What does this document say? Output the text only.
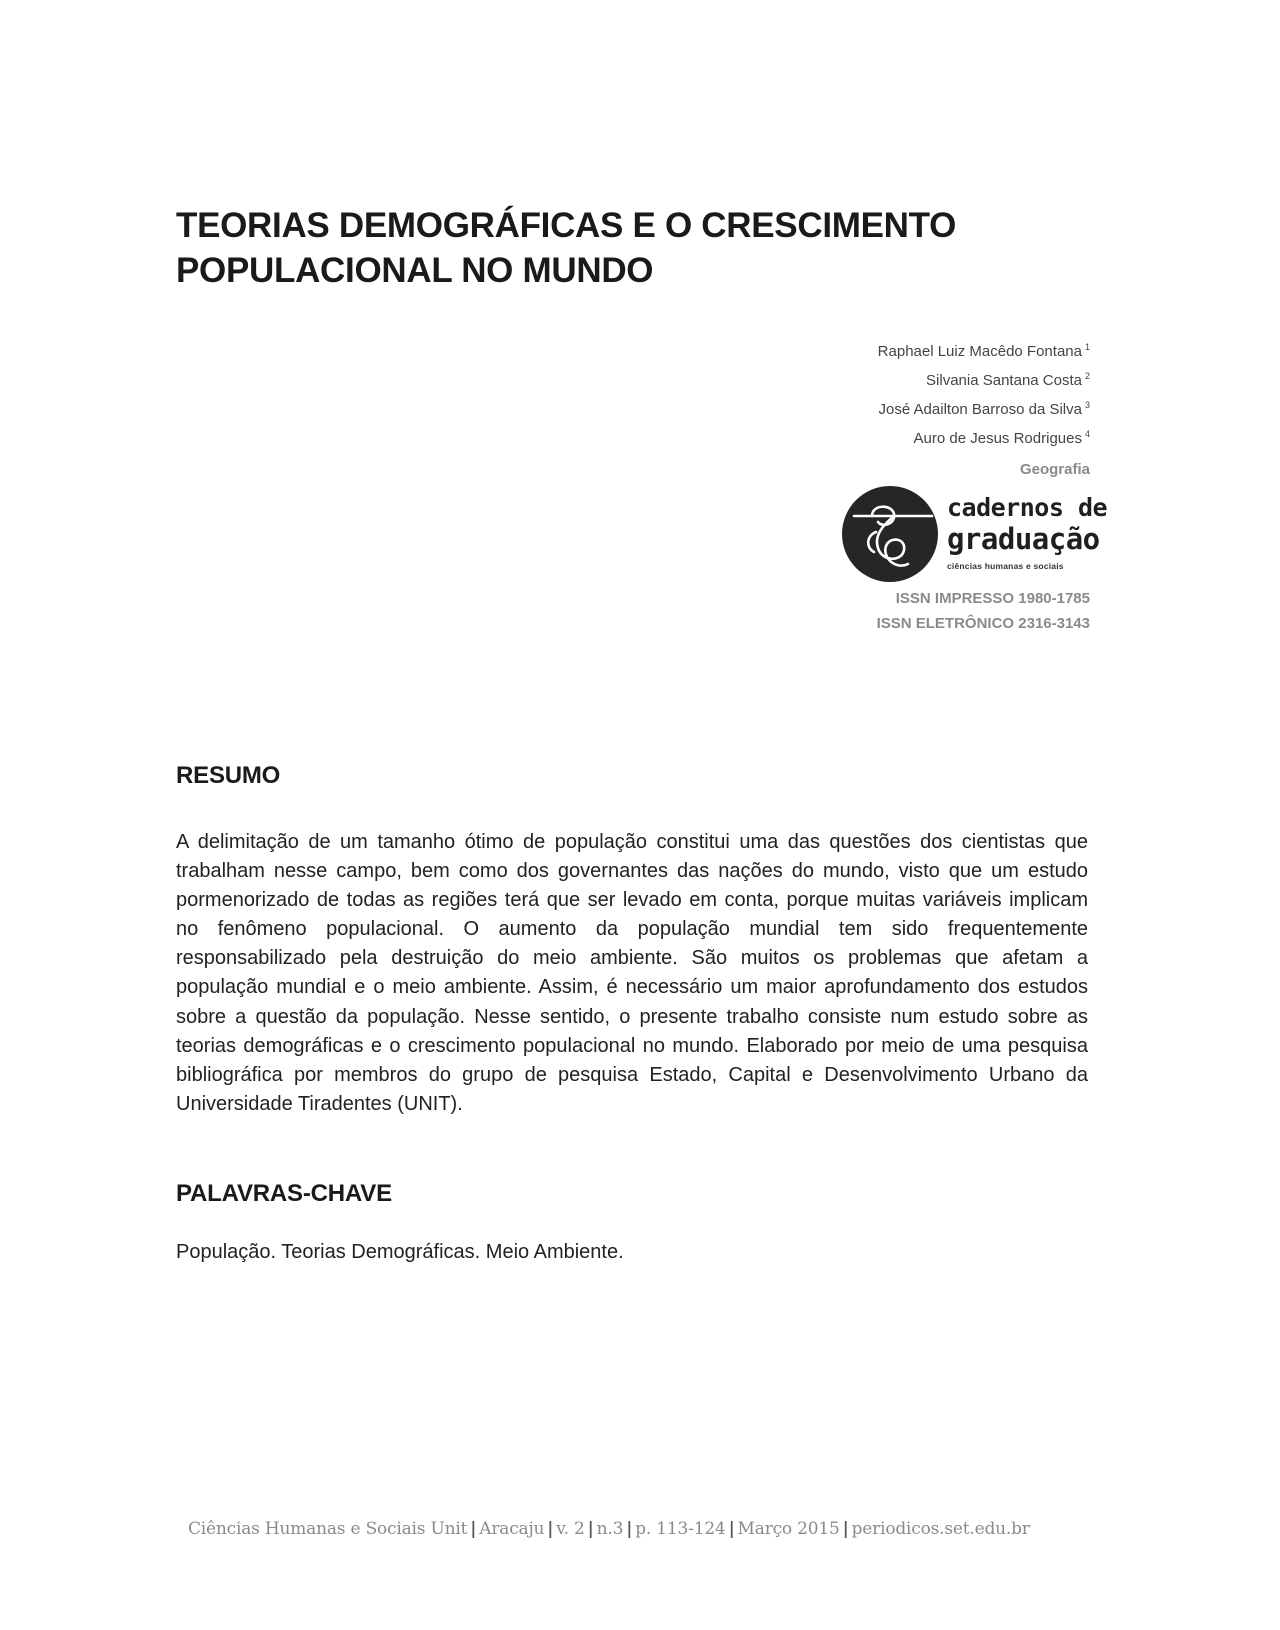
TEORIAS DEMOGRÁFICAS E O CRESCIMENTO
POPULACIONAL NO MUNDO
Raphael Luiz Macêdo Fontana $^1$
Silvania Santana Costa $^2$
José Adailton Barroso da Silva $^3$
Auro de Jesus Rodrigues $^4$
Geografia
cadernos de
graduação
ciências humanas e sociais
ISSN IMPRESSO 1980-1785
ISSN ELETRÔNICO 2316-3143
RESUMO

A delimitação de um tamanho ótimo de população constitui uma das questões dos cientistas que trabalham nesse campo, bem como dos governantes das nações do mundo, visto que um estudo pormenorizado de todas as regiões terá que ser levado em conta, porque muitas variáveis implicam no fenômeno populacional. O aumento da população mundial tem sido frequentemente responsabilizado pela destruição do meio ambiente. São muitos os problemas que afetam a população mundial e o meio ambiente. Assim, é necessário um maior aprofundamento dos estudos sobre a questão da população. Nesse sentido, o presente trabalho consiste num estudo sobre as teorias demográficas e o crescimento populacional no mundo. Elaborado por meio de uma pesquisa bibliográfica por membros do grupo de pesquisa Estado, Capital e Desenvolvimento Urbano da Universidade Tiradentes (UNIT).

PALAVRAS-CHAVE

População. Teorias Demográficas. Meio Ambiente.

Ciências Humanas e Sociais Unit | Aracaju | v. 2 | n.3 | p. 113-124 | Março 2015 | periodicos.set.edu.br
